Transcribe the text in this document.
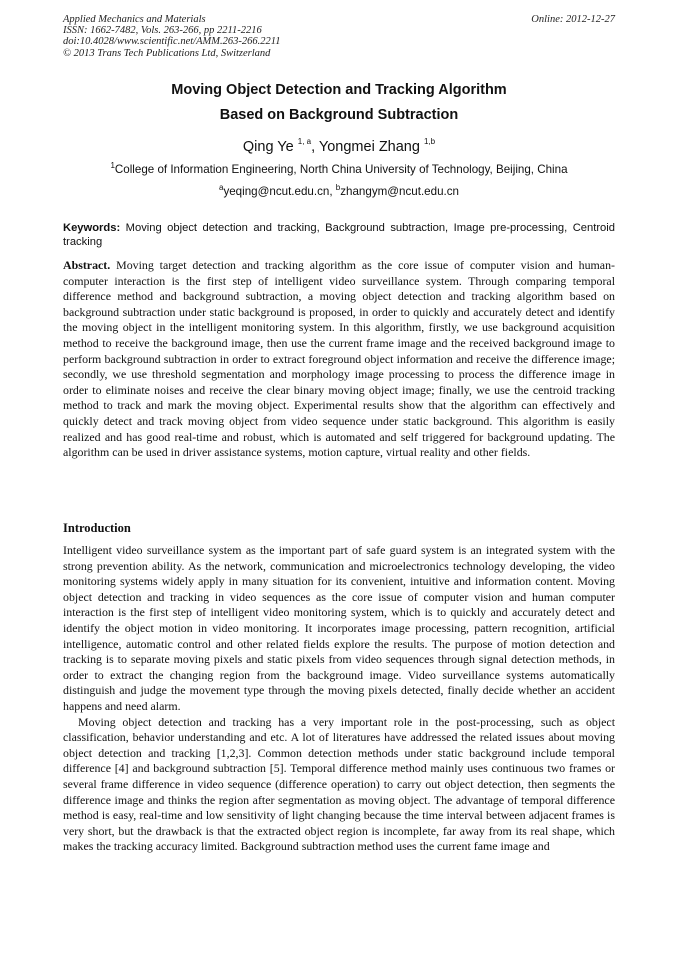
Applied Mechanics and Materials
ISSN: 1662-7482, Vols. 263-266, pp 2211-2216
doi:10.4028/www.scientific.net/AMM.263-266.2211
© 2013 Trans Tech Publications Ltd, Switzerland
Online: 2012-12-27
Moving Object Detection and Tracking Algorithm
Based on Background Subtraction
Qing Ye $^{1, a}$, Yongmei Zhang $^{1,b}$
$^1$College of Information Engineering, North China University of Technology, Beijing, China
$^a$yeqing@ncut.edu.cn, $^b$zhangym@ncut.edu.cn
Keywords: Moving object detection and tracking, Background subtraction, Image pre-processing, Centroid tracking
Abstract. Moving target detection and tracking algorithm as the core issue of computer vision and human-computer interaction is the first step of intelligent video surveillance system. Through comparing temporal difference method and background subtraction, a moving object detection and tracking algorithm based on background subtraction under static background is proposed, in order to quickly and accurately detect and identify the moving object in the intelligent monitoring system. In this algorithm, firstly, we use background acquisition method to receive the background image, then use the current frame image and the received background image to perform background subtraction in order to extract foreground object information and receive the difference image; secondly, we use threshold segmentation and morphology image processing to process the difference image in order to eliminate noises and receive the clear binary moving object image; finally, we use the centroid tracking method to track and mark the moving object. Experimental results show that the algorithm can effectively and quickly detect and track moving object from video sequence under static background. This algorithm is easily realized and has good real-time and robust, which is automated and self triggered for background updating. The algorithm can be used in driver assistance systems, motion capture, virtual reality and other fields.
Introduction

Intelligent video surveillance system as the important part of safe guard system is an integrated system with the strong prevention ability. As the network, communication and microelectronics technology developing, the video monitoring systems widely apply in many situation for its convenient, intuitive and information content. Moving object detection and tracking in video sequences as the core issue of computer vision and human computer interaction is the first step of intelligent video monitoring system, which is to quickly and accurately detect and identify the object motion in video monitoring. It incorporates image processing, pattern recognition, artificial intelligence, automatic control and other related fields explore the results. The purpose of motion detection and tracking is to separate moving pixels and static pixels from video sequences through signal detection methods, in order to extract the changing region from the background image. Video surveillance systems automatically distinguish and judge the movement type through the moving pixels detected, finally decide whether an accident happens and need alarm.

Moving object detection and tracking has a very important role in the post-processing, such as object classification, behavior understanding and etc. A lot of literatures have addressed the related issues about moving object detection and tracking [1,2,3]. Common detection methods under static background include temporal difference [4] and background subtraction [5]. Temporal difference method mainly uses continuous two frames or several frame difference in video sequence (difference operation) to carry out object detection, then segments the difference image and thinks the region after segmentation as moving object. The advantage of temporal difference method is easy, real-time and low sensitivity of light changing because the time interval between adjacent frames is very short, but the drawback is that the extracted object region is incomplete, far away from its real shape, which makes the tracking accuracy limited. Background subtraction method uses the current fame image and
